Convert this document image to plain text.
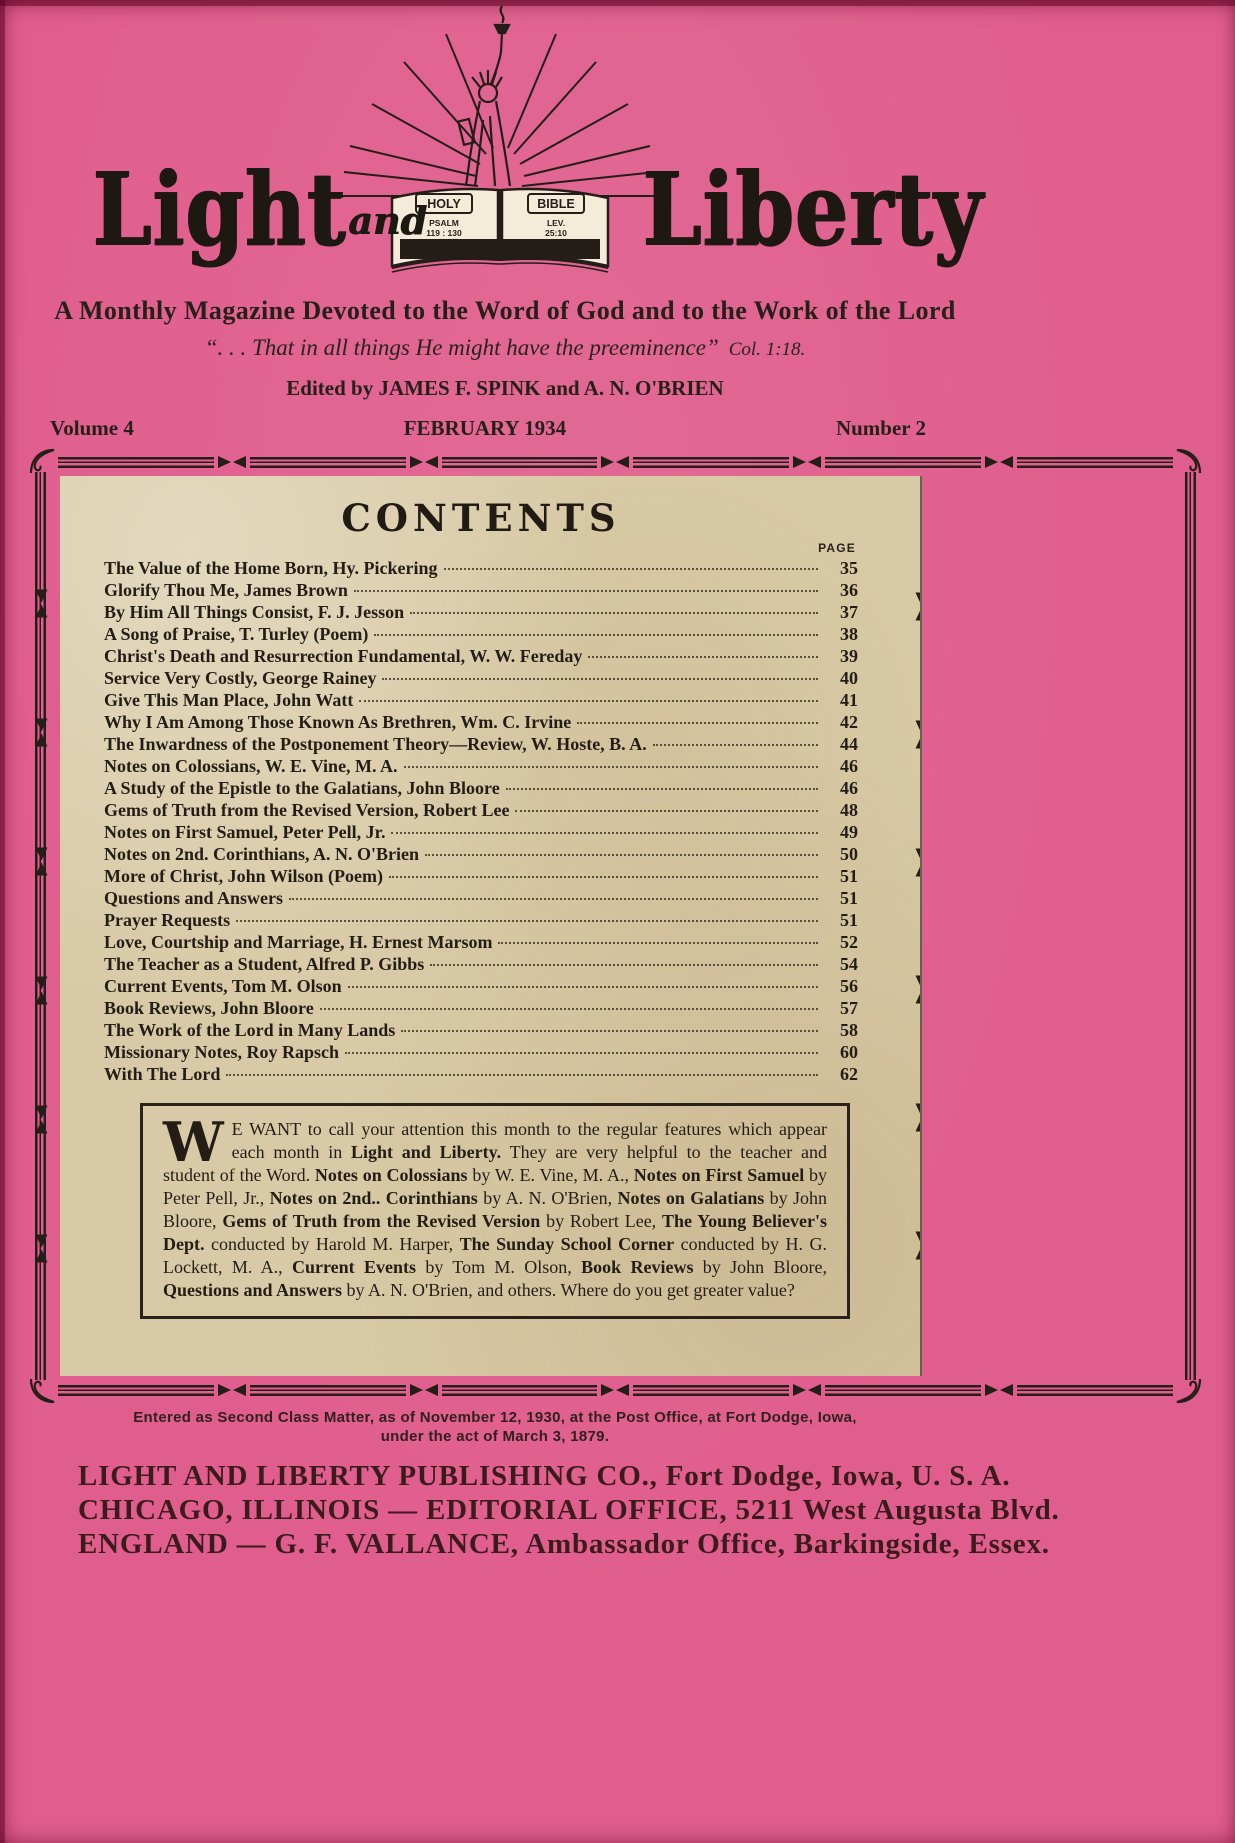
HOLY	BIBLE
PSALM
119 : 130
LEV.
25:10
GOD'S WORD
Light and Liberty
A Monthly Magazine Devoted to the Word of God and to the Work of the Lord
“. . . That in all things He might have the preeminence” Col. 1:18.
Edited by JAMES F. SPINK and A. N. O'BRIEN
Volume 4	FEBRUARY 1934	Number 2
CONTENTS
PAGE
The Value of the Home Born, Hy. Pickering	35
Glorify Thou Me, James Brown	36
By Him All Things Consist, F. J. Jesson	37
A Song of Praise, T. Turley (Poem)	38
Christ's Death and Resurrection Fundamental, W. W. Fereday	39
Service Very Costly, George Rainey	40
Give This Man Place, John Watt	41
Why I Am Among Those Known As Brethren, Wm. C. Irvine	42
The Inwardness of the Postponement Theory—Review, W. Hoste, B. A.	44
Notes on Colossians, W. E. Vine, M. A.	46
A Study of the Epistle to the Galatians, John Bloore	46
Gems of Truth from the Revised Version, Robert Lee	48
Notes on First Samuel, Peter Pell, Jr.	49
Notes on 2nd. Corinthians, A. N. O'Brien	50
More of Christ, John Wilson (Poem)	51
Questions and Answers	51
Prayer Requests	51
Love, Courtship and Marriage, H. Ernest Marsom	52
The Teacher as a Student, Alfred P. Gibbs	54
Current Events, Tom M. Olson	56
Book Reviews, John Bloore	57
The Work of the Lord in Many Lands	58
Missionary Notes, Roy Rapsch	60
With The Lord	62
W E WANT to call your attention this month to the regular features which appear each month in Light and Liberty. They are very helpful to the teacher and student of the Word. Notes on Colossians by W. E. Vine, M. A., Notes on First Samuel by Peter Pell, Jr., Notes on 2nd.. Corinthians by A. N. O'Brien, Notes on Galatians by John Bloore, Gems of Truth from the Revised Version by Robert Lee, The Young Believer's Dept. conducted by Harold M. Harper, The Sunday School Corner conducted by H. G. Lockett, M. A., Current Events by Tom M. Olson, Book Reviews by John Bloore, Questions and Answers by A. N. O'Brien, and others. Where do you get greater value?
Entered as Second Class Matter, as of November 12, 1930, at the Post Office, at Fort Dodge, Iowa,
under the act of March 3, 1879.
LIGHT AND LIBERTY PUBLISHING CO., Fort Dodge, Iowa, U. S. A.
CHICAGO, ILLINOIS — EDITORIAL OFFICE, 5211 West Augusta Blvd.
ENGLAND — G. F. VALLANCE, Ambassador Office, Barkingside, Essex.
